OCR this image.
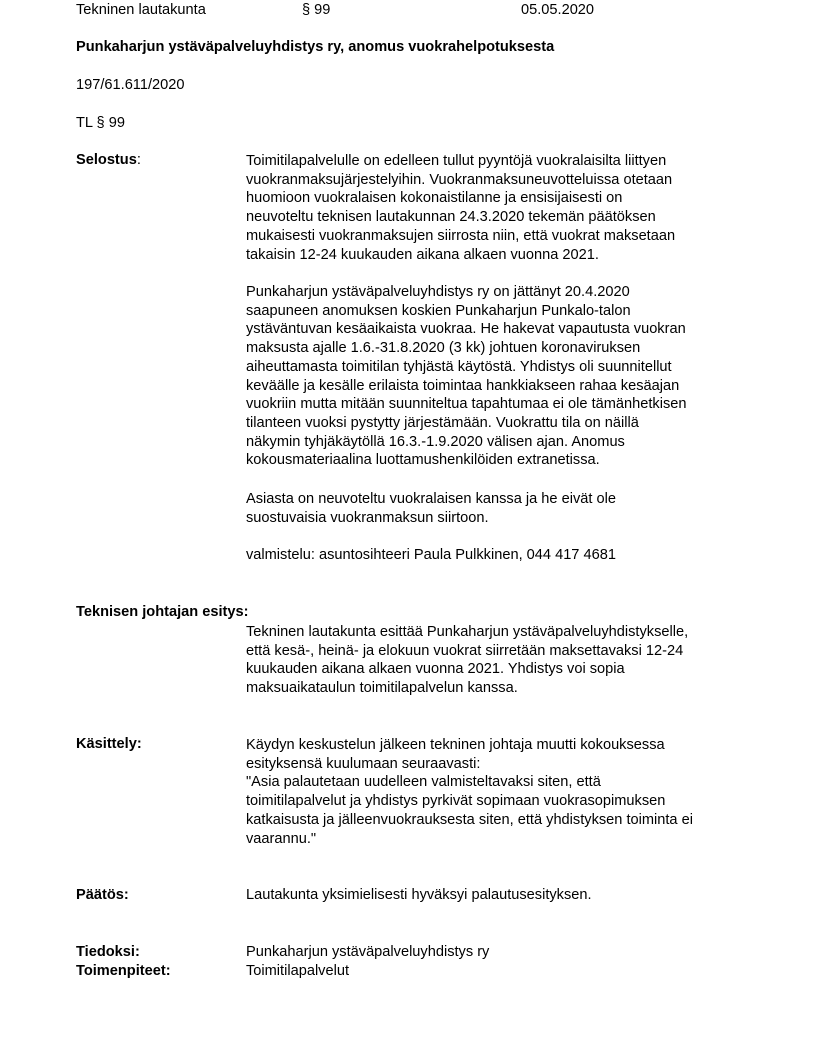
Tekninen lautakunta	§ 99	05.05.2020
Punkaharjun ystäväpalveluyhdistys ry, anomus vuokrahelpotuksesta
197/61.611/2020
TL § 99
Selostus:	Toimitilapalvelulle on edelleen tullut pyyntöjä vuokralaisilta liittyen
vuokranmaksujärjestelyihin. Vuokranmaksuneuvotteluissa otetaan
huomioon vuokralaisen kokonaistilanne ja ensisijaisesti on
neuvoteltu teknisen lautakunnan 24.3.2020 tekemän päätöksen
mukaisesti vuokranmaksujen siirrosta niin, että vuokrat maksetaan
takaisin 12-24 kuukauden aikana alkaen vuonna 2021.
Punkaharjun ystäväpalveluyhdistys ry on jättänyt 20.4.2020
saapuneen anomuksen koskien Punkaharjun Punkalo-talon
ystäväntuvan kesäaikaista vuokraa. He hakevat vapautusta vuokran
maksusta ajalle 1.6.-31.8.2020 (3 kk) johtuen koronaviruksen
aiheuttamasta toimitilan tyhjästä käytöstä. Yhdistys oli suunnitellut
keväälle ja kesälle erilaista toimintaa hankkiakseen rahaa kesäajan
vuokriin mutta mitään suunniteltua tapahtumaa ei ole tämänhetkisen
tilanteen vuoksi pystytty järjestämään. Vuokrattu tila on näillä
näkymin tyhjäkäytöllä 16.3.-1.9.2020 välisen ajan. Anomus
kokousmateriaalina luottamushenkilöiden extranetissa.
Asiasta on neuvoteltu vuokralaisen kanssa ja he eivät ole
suostuvaisia vuokranmaksun siirtoon.
valmistelu: asuntosihteeri Paula Pulkkinen, 044 417 4681
Teknisen johtajan esitys:
Tekninen lautakunta esittää Punkaharjun ystäväpalveluyhdistykselle,
että kesä-, heinä- ja elokuun vuokrat siirretään maksettavaksi 12-24
kuukauden aikana alkaen vuonna 2021. Yhdistys voi sopia
maksuaikataulun toimitilapalvelun kanssa.
Käsittely:	Käydyn keskustelun jälkeen tekninen johtaja muutti kokouksessa
esityksensä kuulumaan seuraavasti:
"Asia palautetaan uudelleen valmisteltavaksi siten, että
toimitilapalvelut ja yhdistys pyrkivät sopimaan vuokrasopimuksen
katkaisusta ja jälleenvuokrauksesta siten, että yhdistyksen toiminta ei
vaarannu."
Päätös:	Lautakunta yksimielisesti hyväksyi palautusesityksen.
Tiedoksi:	Punkaharjun ystäväpalveluyhdistys ry
Toimenpiteet:	Toimitilapalvelut
